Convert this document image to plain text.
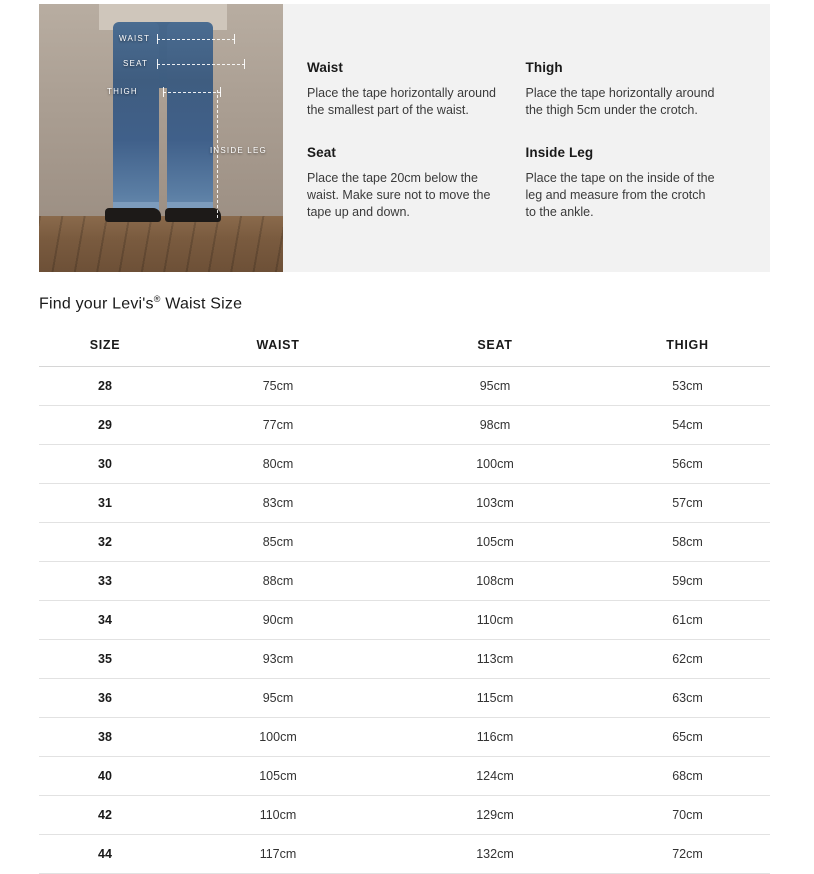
WAIST
SEAT
THIGH
INSIDE LEG
Waist

Place the tape horizontally around the smallest part of the waist.

Seat

Place the tape 20cm below the waist. Make sure not to move the tape up and down.

Thigh

Place the tape horizontally around the thigh 5cm under the crotch.

Inside Leg

Place the tape on the inside of the leg and measure from the crotch to the ankle.

Find your Levi's® Waist Size
SIZE	WAIST	SEAT	THIGH
28	75cm	95cm	53cm
29	77cm	98cm	54cm
30	80cm	100cm	56cm
31	83cm	103cm	57cm
32	85cm	105cm	58cm
33	88cm	108cm	59cm
34	90cm	110cm	61cm
35	93cm	113cm	62cm
36	95cm	115cm	63cm
38	100cm	116cm	65cm
40	105cm	124cm	68cm
42	110cm	129cm	70cm
44	117cm	132cm	72cm
